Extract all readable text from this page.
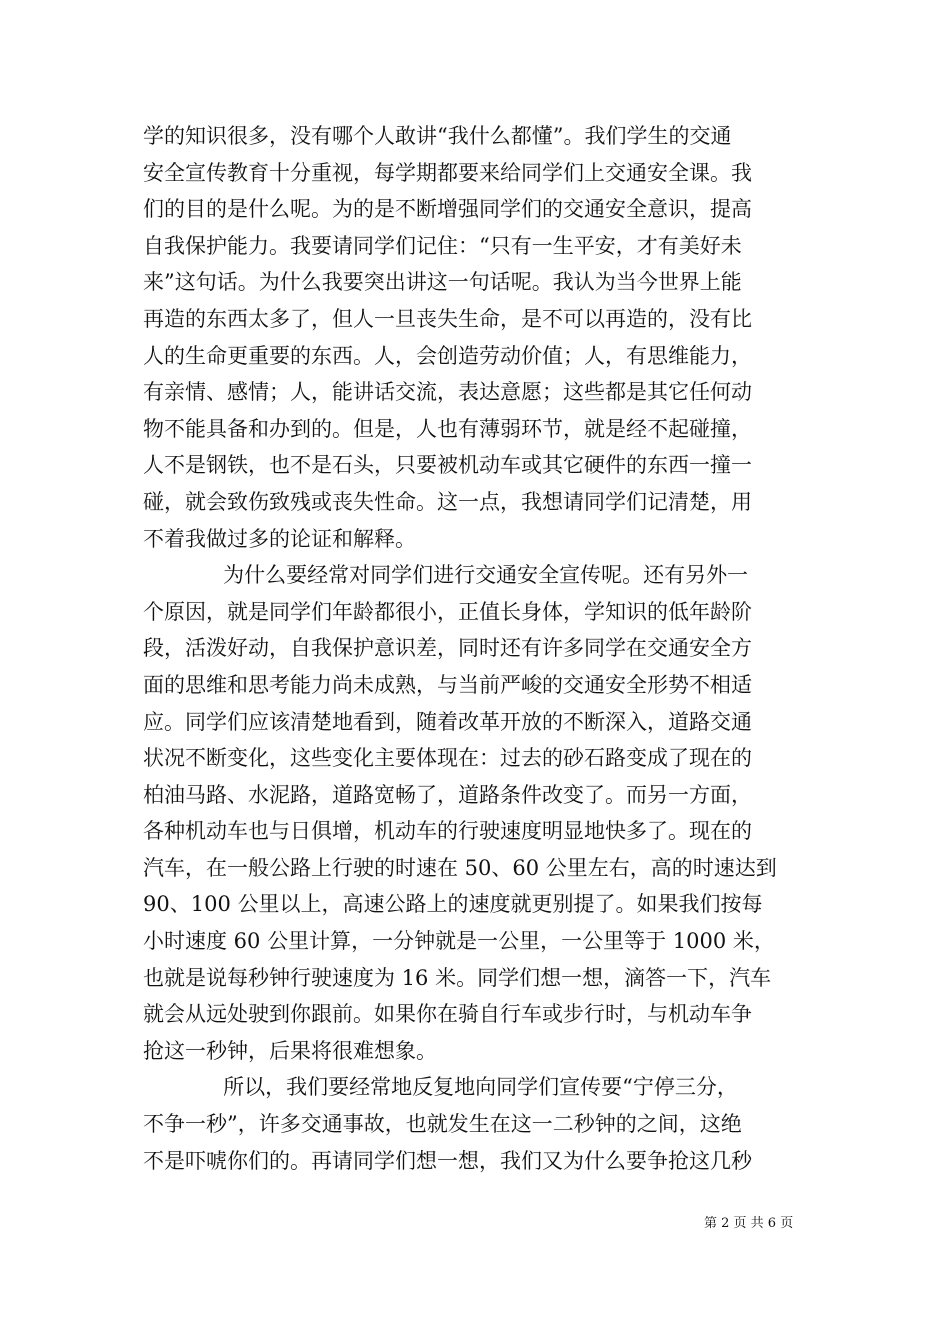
学的知识很多，没有哪个人敢讲“我什么都懂”。我们学生的交通
安全宣传教育十分重视，每学期都要来给同学们上交通安全课。我
们的目的是什么呢。为的是不断增强同学们的交通安全意识，提高
自我保护能力。我要请同学们记住：“只有一生平安，才有美好未
来”这句话。为什么我要突出讲这一句话呢。我认为当今世界上能
再造的东西太多了，但人一旦丧失生命，是不可以再造的，没有比
人的生命更重要的东西。人，会创造劳动价值；人，有思维能力，
有亲情、感情；人，能讲话交流，表达意愿；这些都是其它任何动
物不能具备和办到的。但是，人也有薄弱环节，就是经不起碰撞，
人不是钢铁，也不是石头，只要被机动车或其它硬件的东西一撞一
碰，就会致伤致残或丧失性命。这一点，我想请同学们记清楚，用
不着我做过多的论证和解释。
为什么要经常对同学们进行交通安全宣传呢。还有另外一
个原因，就是同学们年龄都很小，正值长身体，学知识的低年龄阶
段，活泼好动，自我保护意识差，同时还有许多同学在交通安全方
面的思维和思考能力尚未成熟，与当前严峻的交通安全形势不相适
应。同学们应该清楚地看到，随着改革开放的不断深入，道路交通
状况不断变化，这些变化主要体现在：过去的砂石路变成了现在的
柏油马路、水泥路，道路宽畅了，道路条件改变了。而另一方面，
各种机动车也与日俱增，机动车的行驶速度明显地快多了。现在的
汽车，在一般公路上行驶的时速在 50、60 公里左右，高的时速达到
90、100 公里以上，高速公路上的速度就更别提了。如果我们按每
小时速度 60 公里计算，一分钟就是一公里，一公里等于 1000 米，
也就是说每秒钟行驶速度为 16 米。同学们想一想，滴答一下，汽车
就会从远处驶到你跟前。如果你在骑自行车或步行时，与机动车争
抢这一秒钟，后果将很难想象。
所以，我们要经常地反复地向同学们宣传要“宁停三分，
不争一秒”，许多交通事故，也就发生在这一二秒钟的之间，这绝
不是吓唬你们的。再请同学们想一想，我们又为什么要争抢这几秒
第 2 页 共 6 页
